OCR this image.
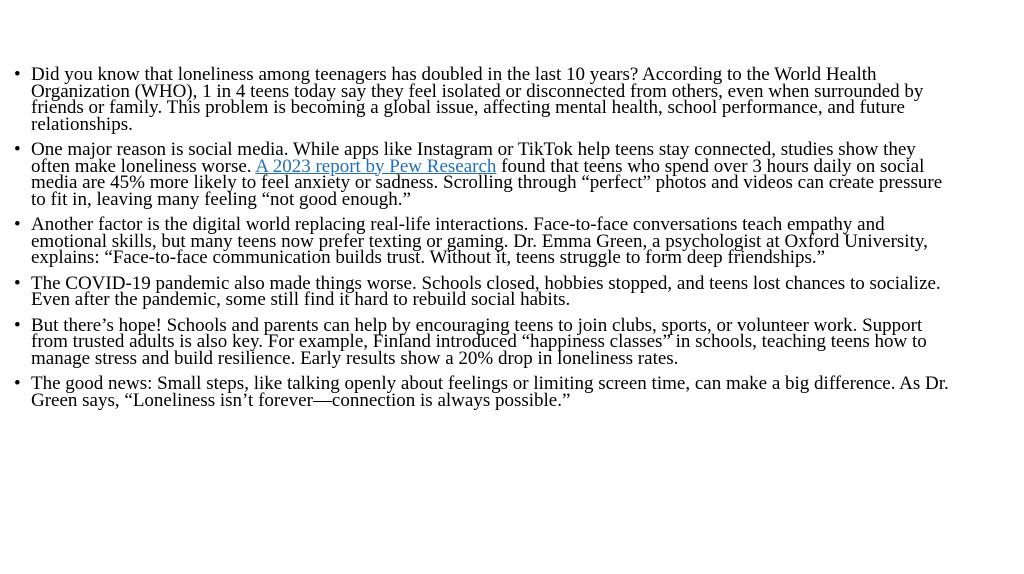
• Did you know that loneliness among teenagers has doubled in the last 10 years? According to the World Health Organization (WHO), 1 in 4 teens today say they feel isolated or disconnected from others, even when surrounded by friends or family. This problem is becoming a global issue, affecting mental health, school performance, and future relationships.
• One major reason is social media. While apps like Instagram or TikTok help teens stay connected, studies show they often make loneliness worse. A 2023 report by Pew Research found that teens who spend over 3 hours daily on social media are 45% more likely to feel anxiety or sadness. Scrolling through “perfect” photos and videos can create pressure to fit in, leaving many feeling “not good enough.”
• Another factor is the digital world replacing real-life interactions. Face-to-face conversations teach empathy and emotional skills, but many teens now prefer texting or gaming. Dr. Emma Green, a psychologist at Oxford University, explains: “Face-to-face communication builds trust. Without it, teens struggle to form deep friendships.”
• The COVID-19 pandemic also made things worse. Schools closed, hobbies stopped, and teens lost chances to socialize. Even after the pandemic, some still find it hard to rebuild social habits.
• But there’s hope! Schools and parents can help by encouraging teens to join clubs, sports, or volunteer work. Support from trusted adults is also key. For example, Finland introduced “happiness classes” in schools, teaching teens how to manage stress and build resilience. Early results show a 20% drop in loneliness rates.
• The good news: Small steps, like talking openly about feelings or limiting screen time, can make a big difference. As Dr. Green says, “Loneliness isn’t forever—connection is always possible.”
